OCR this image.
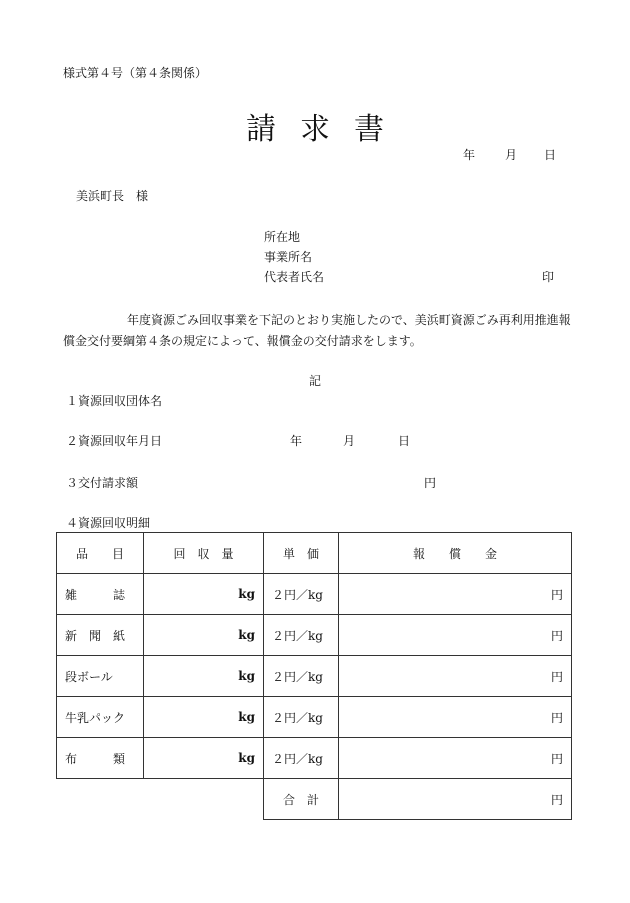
様式第４号（第４条関係）
請求書
年 月 日
美浜町長　様
所在地
事業所名
代表者氏名	印
年度資源ごみ回収事業を下記のとおり実施したので、美浜町資源ごみ再利用推進報償金交付要綱第４条の規定によって、報償金の交付請求をします。
記
１資源回収団体名
２資源回収年月日	年	月	日
３交付請求額	円
４資源回収明細
品　　目	回　収　量	単　価	報　　償　　金
雑　　　誌	kg	２円／kg	円
新　聞　紙	kg	２円／kg	円
段ボール	kg	２円／kg	円
牛乳パック	kg	２円／kg	円
布　　　類	kg	２円／kg	円
		合　計	円
